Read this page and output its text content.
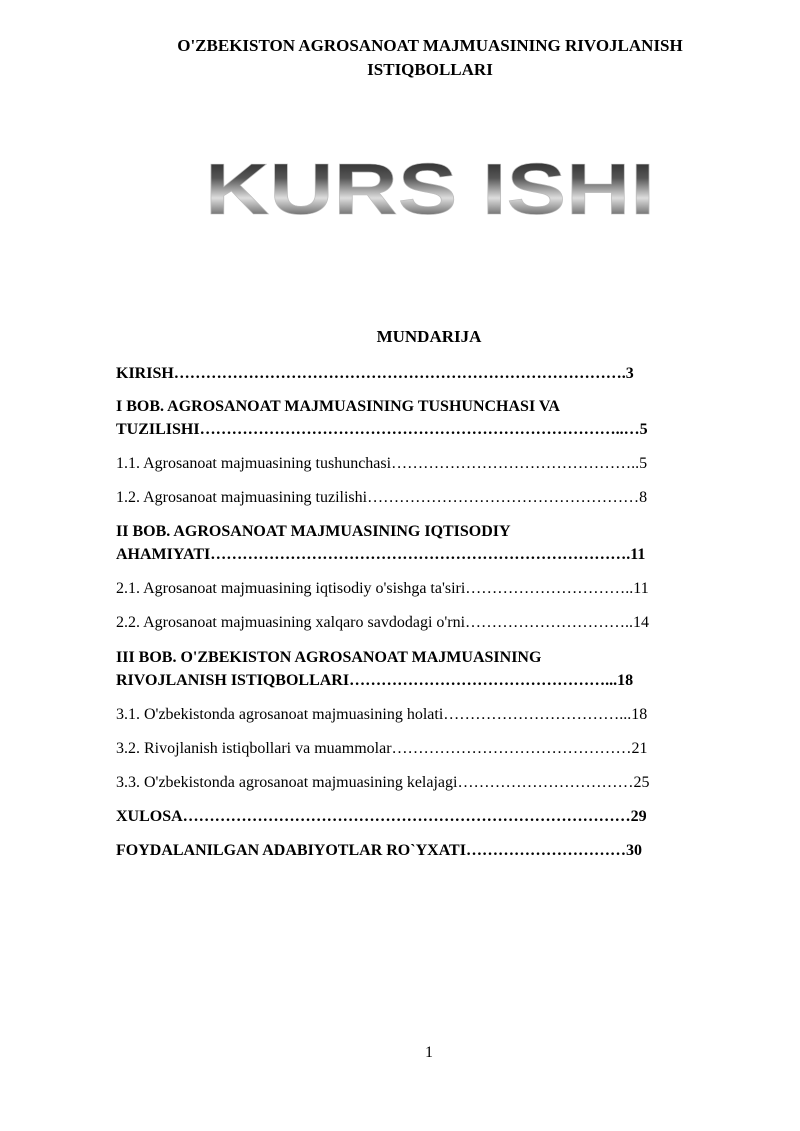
O'ZBEKISTON AGROSANOAT MAJMUASINING RIVOJLANISH
ISTIQBOLLARI
KURS ISHI
MUNDARIJA
KIRISH………………………………………………………………………….3
I BOB. AGROSANOAT MAJMUASINING TUSHUNCHASI VA
TUZILISHI……………………………………………………………………..…5
1.1. Agrosanoat majmuasining tushunchasi………………………………………..5
1.2. Agrosanoat majmuasining tuzilishi……………………………………………8
II BOB. AGROSANOAT MAJMUASINING IQTISODIY
AHAMIYATI…………………………………………………………………….11
2.1. Agrosanoat majmuasining iqtisodiy o'sishga ta'siri…………………………..11
2.2. Agrosanoat majmuasining xalqaro savdodagi o'rni…………………………..14
III BOB. O'ZBEKISTON AGROSANOAT MAJMUASINING
RIVOJLANISH ISTIQBOLLARI…………………………………………...18
3.1. O'zbekistonda agrosanoat majmuasining holati……………………………...18
3.2. Rivojlanish istiqbollari va muammolar………………………………………21
3.3. O'zbekistonda agrosanoat majmuasining kelajagi……………………………25
XULOSA…………………………………………………………………………29
FOYDALANILGAN ADABIYOTLAR RO`YXATI…………………………30
1
